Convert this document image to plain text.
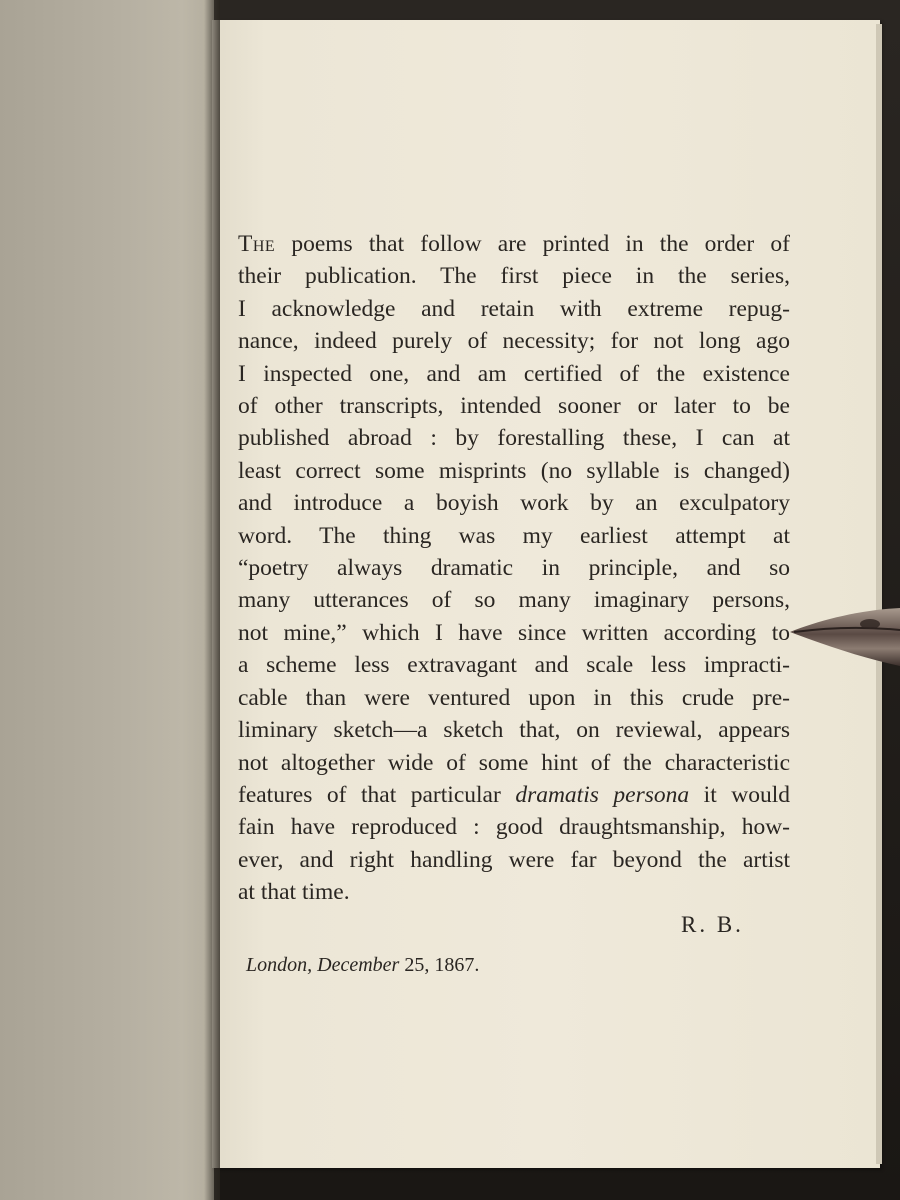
The poems that follow are printed in the order of
their publication. The first piece in the series,
I acknowledge and retain with extreme repug-
nance, indeed purely of necessity; for not long ago
I inspected one, and am certified of the existence
of other transcripts, intended sooner or later to be
published abroad : by forestalling these, I can at
least correct some misprints (no syllable is changed)
and introduce a boyish work by an exculpatory
word. The thing was my earliest attempt at
“poetry always dramatic in principle, and so
many utterances of so many imaginary persons,
not mine,” which I have since written according to
a scheme less extravagant and scale less impracti-
cable than were ventured upon in this crude pre-
liminary sketch—a sketch that, on reviewal, appears
not altogether wide of some hint of the characteristic
features of that particular dramatis persona it would
fain have reproduced : good draughtsmanship, how-
ever, and right handling were far beyond the artist
at that time.
R. B.
London, December 25, 1867.
